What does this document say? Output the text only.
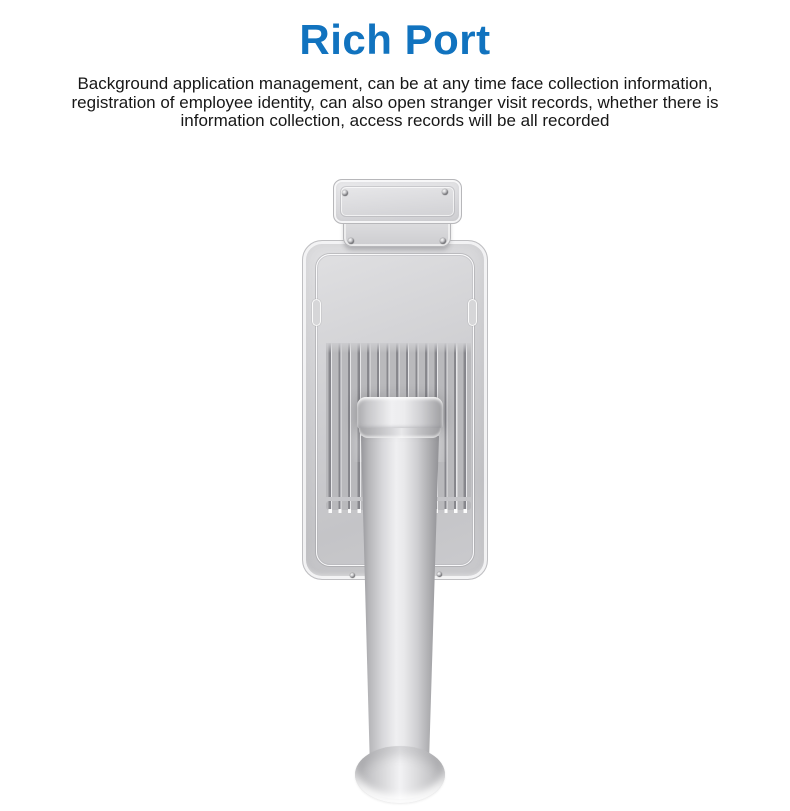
Rich Port
Background application management, can be at any time face collection information,
registration of employee identity, can also open stranger visit records, whether there is
information collection, access records will be all recorded
